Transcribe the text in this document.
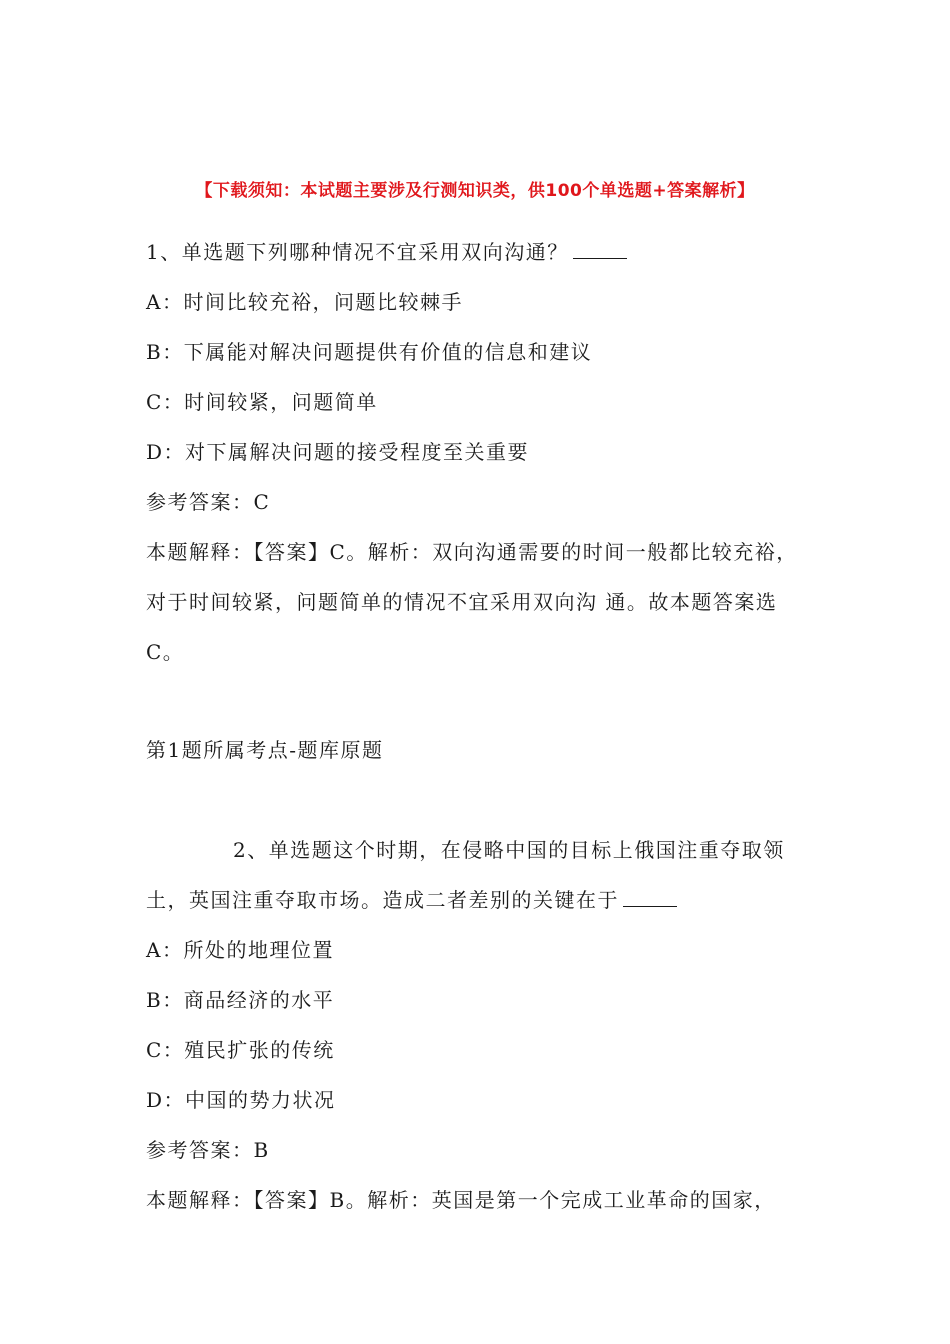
【下载须知：本试题主要涉及行测知识类，供100个单选题+答案解析】
1、单选题下列哪种情况不宜采用双向沟通？
A：时间比较充裕，问题比较棘手
B：下属能对解决问题提供有价值的信息和建议
C：时间较紧，问题简单
D：对下属解决问题的接受程度至关重要
参考答案：C
本题解释：【答案】C。解析：双向沟通需要的时间一般都比较充裕，
对于时间较紧，问题简单的情况不宜采用双向沟 通。故本题答案选
C。
第1题所属考点-题库原题
2、单选题这个时期，在侵略中国的目标上俄国注重夺取领
土，英国注重夺取市场。造成二者差别的关键在于
A：所处的地理位置
B：商品经济的水平
C：殖民扩张的传统
D：中国的势力状况
参考答案：B
本题解释：【答案】B。解析：英国是第一个完成工业革命的国家，
